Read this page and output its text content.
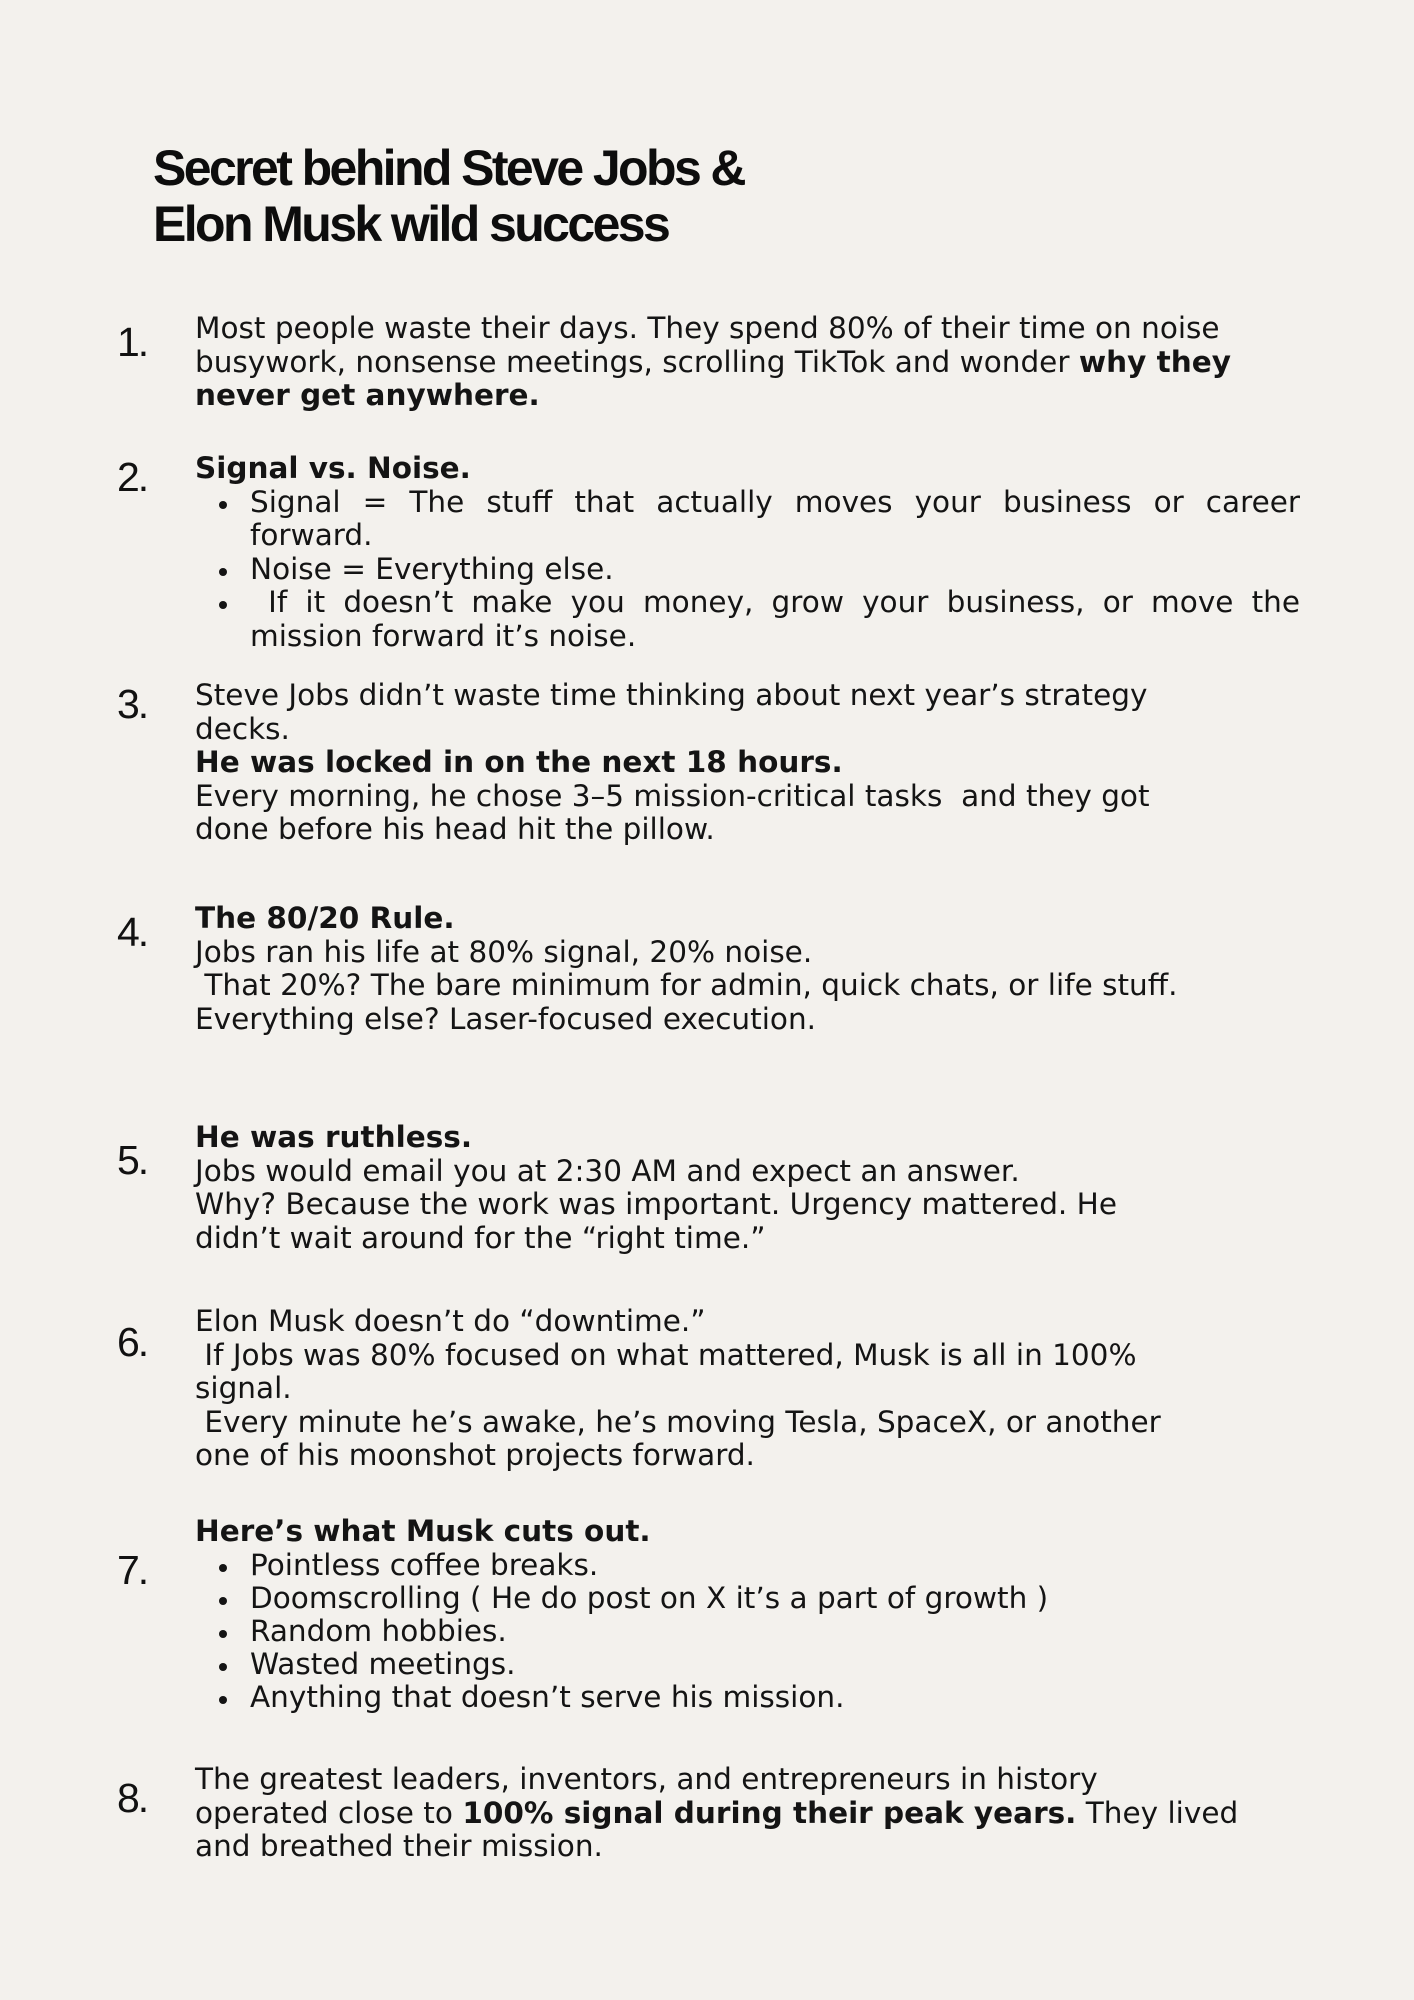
Secret behind Steve Jobs &
Elon Musk wild success
1. Most people waste their days. They spend 80% of their time on noise
busywork, nonsense meetings, scrolling TikTok and wonder why they
never get anywhere.
2. Signal vs. Noise.
Signal = The stuff that actually moves your business or career forward.
Noise = Everything else.
If it doesn’t make you money, grow your business, or move the mission forward it’s noise.
3. Steve Jobs didn’t waste time thinking about next year’s strategy
decks.
He was locked in on the next 18 hours.
Every morning, he chose 3–5 mission-critical tasks  and they got
done before his head hit the pillow.
4. The 80/20 Rule.
Jobs ran his life at 80% signal, 20% noise.
That 20%? The bare minimum for admin, quick chats, or life stuff.
Everything else? Laser-focused execution.
5. He was ruthless.
Jobs would email you at 2:30 AM and expect an answer.
Why? Because the work was important. Urgency mattered. He
didn’t wait around for the “right time.”
6. Elon Musk doesn’t do “downtime.”
If Jobs was 80% focused on what mattered, Musk is all in 100%
signal.
Every minute he’s awake, he’s moving Tesla, SpaceX, or another
one of his moonshot projects forward.
7.
Here’s what Musk cuts out.
Pointless coffee breaks.
Doomscrolling ( He do post on X it’s a part of growth )
Random hobbies.
Wasted meetings.
Anything that doesn’t serve his mission.
8. The greatest leaders, inventors, and entrepreneurs in history
operated close to 100% signal during their peak years. They lived
and breathed their mission.
